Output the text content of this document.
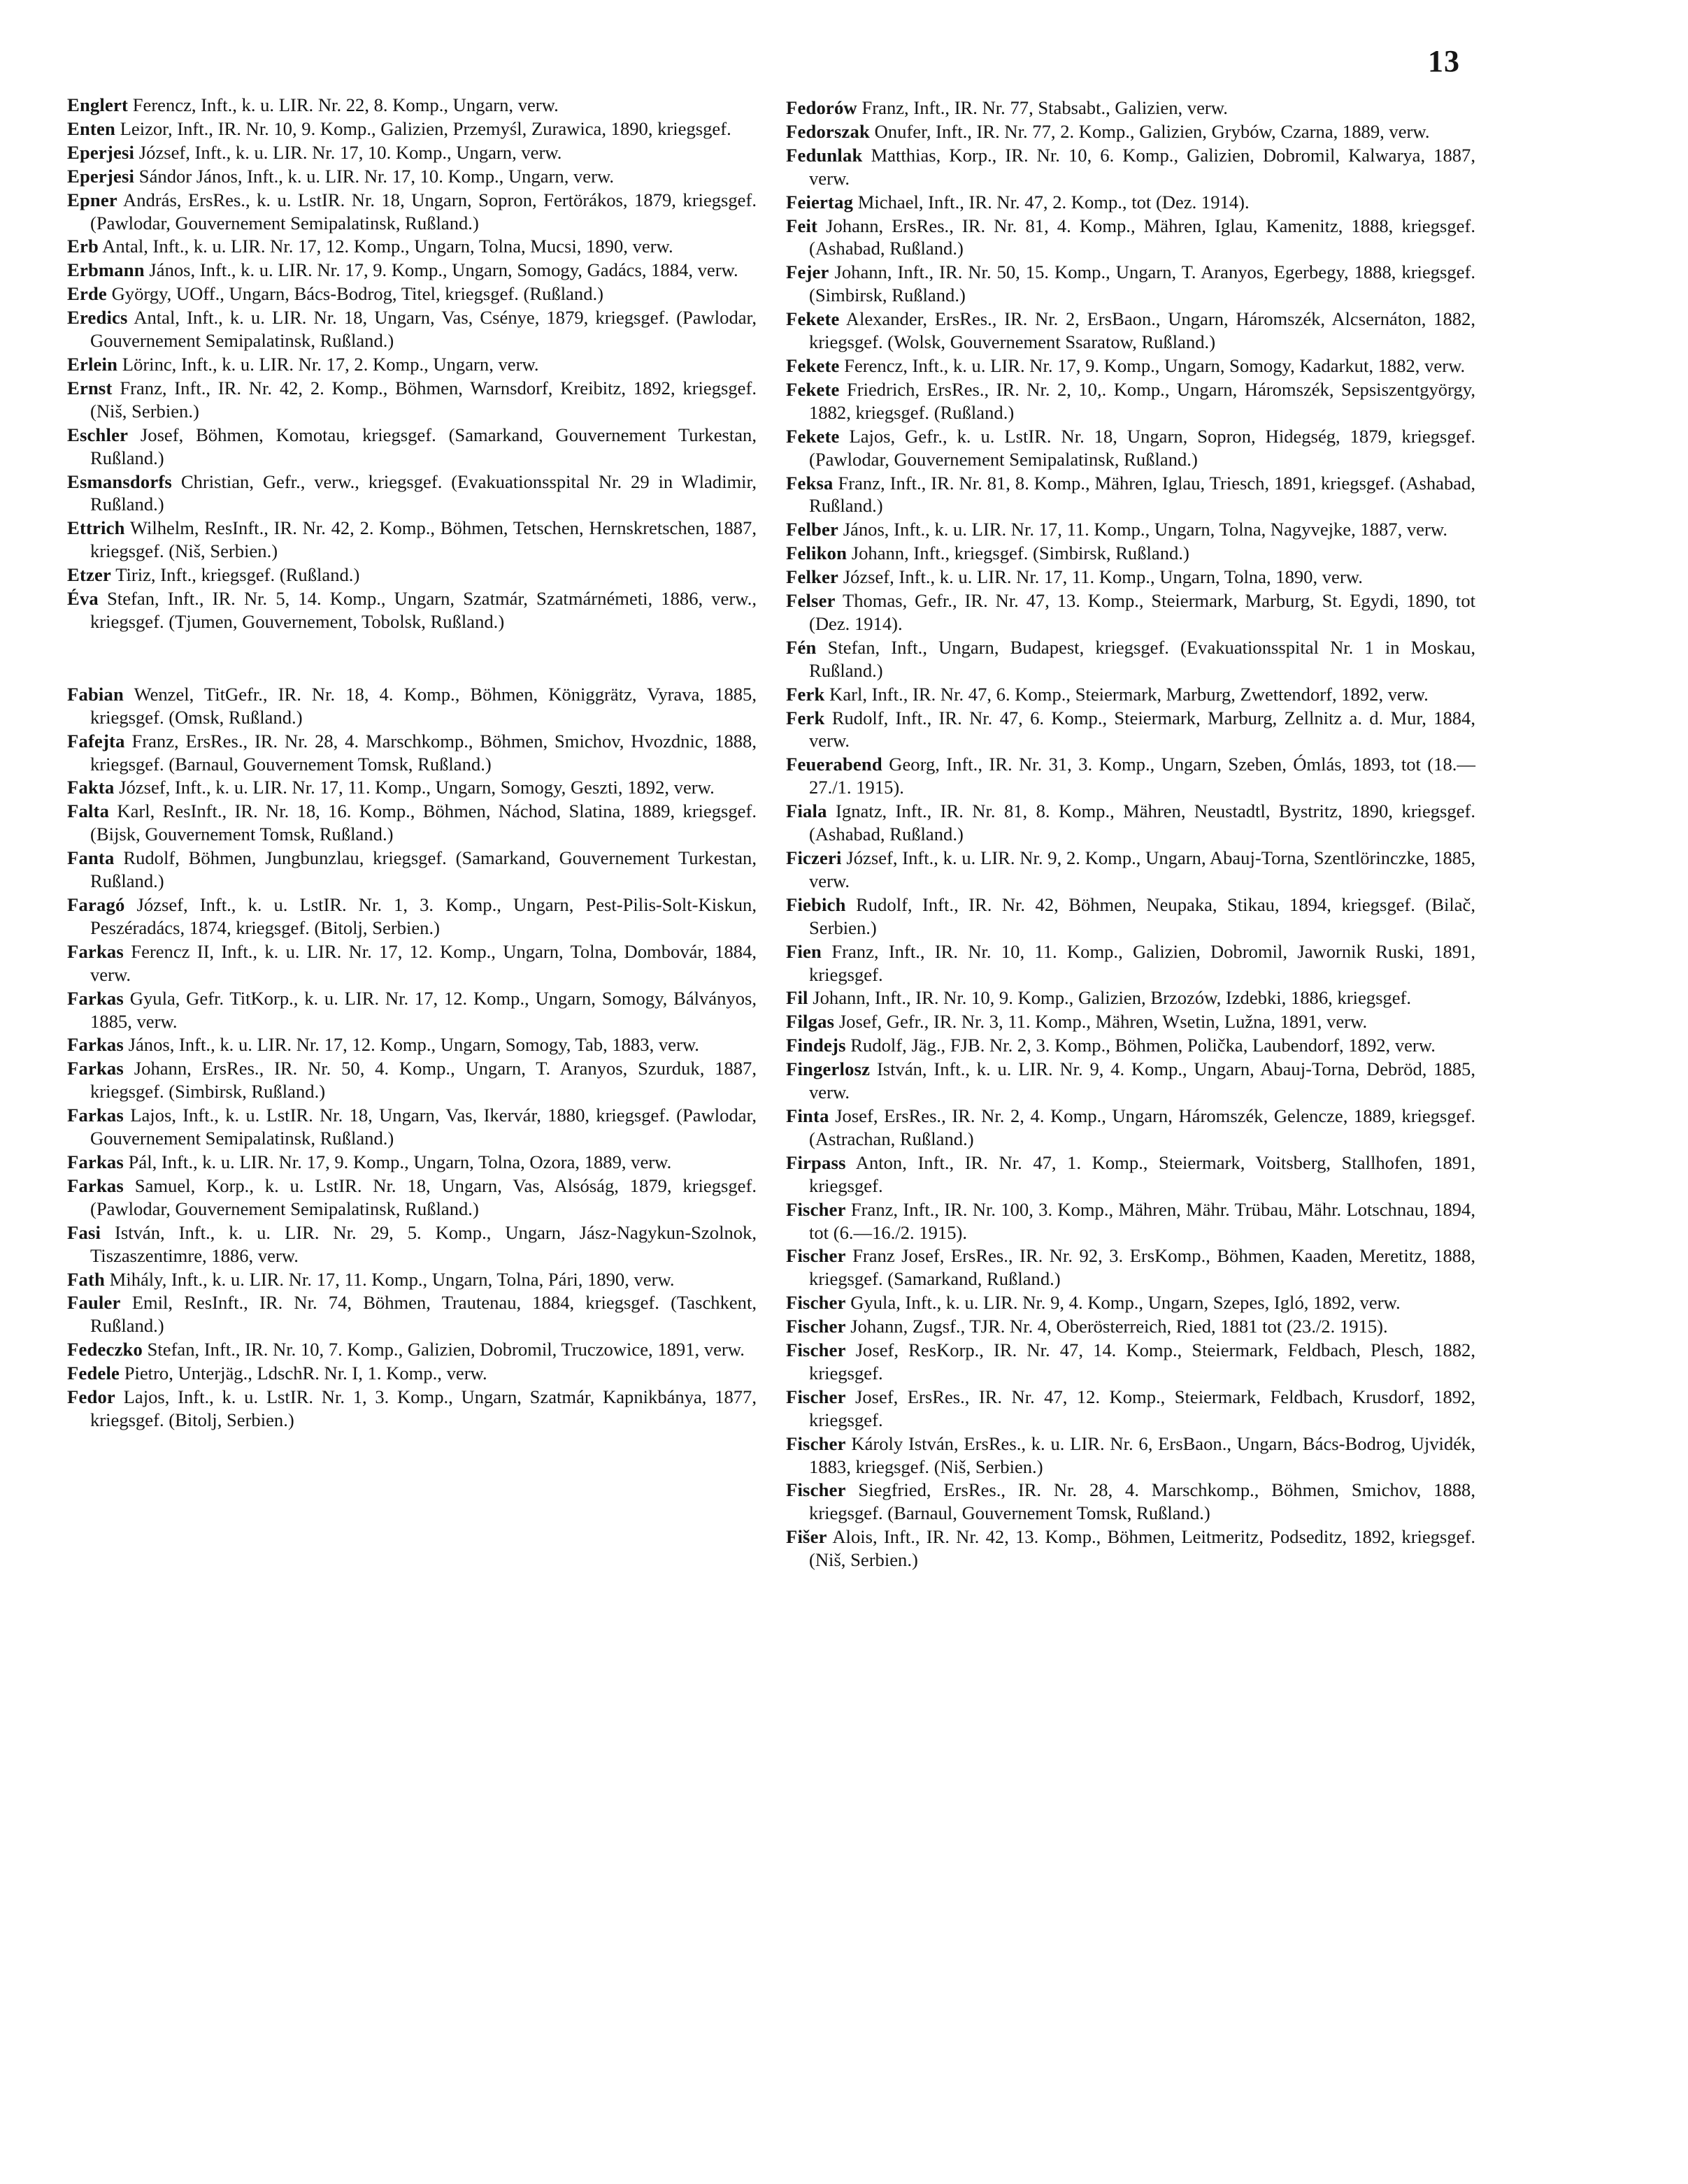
13

Englert Ferencz, Inft., k. u. LIR. Nr. 22, 8. Komp., Ungarn, verw.

Enten Leizor, Inft., IR. Nr. 10, 9. Komp., Galizien, Przemyśl, Zurawica, 1890, kriegsgef.

Eperjesi József, Inft., k. u. LIR. Nr. 17, 10. Komp., Ungarn, verw.

Eperjesi Sándor János, Inft., k. u. LIR. Nr. 17, 10. Komp., Ungarn, verw.

Epner András, ErsRes., k. u. LstIR. Nr. 18, Ungarn, Sopron, Fertörákos, 1879, kriegsgef. (Pawlodar, Gouvernement Semipalatinsk, Rußland.)

Erb Antal, Inft., k. u. LIR. Nr. 17, 12. Komp., Ungarn, Tolna, Mucsi, 1890, verw.

Erbmann János, Inft., k. u. LIR. Nr. 17, 9. Komp., Ungarn, Somogy, Gadács, 1884, verw.

Erde György, UOff., Ungarn, Bács-Bodrog, Titel, kriegsgef. (Rußland.)

Eredics Antal, Inft., k. u. LIR. Nr. 18, Ungarn, Vas, Csénye, 1879, kriegsgef. (Pawlodar, Gouvernement Semipalatinsk, Rußland.)

Erlein Lörinc, Inft., k. u. LIR. Nr. 17, 2. Komp., Ungarn, verw.

Ernst Franz, Inft., IR. Nr. 42, 2. Komp., Böhmen, Warnsdorf, Kreibitz, 1892, kriegsgef. (Niš, Serbien.)

Eschler Josef, Böhmen, Komotau, kriegsgef. (Samarkand, Gouvernement Turkestan, Rußland.)

Esmansdorfs Christian, Gefr., verw., kriegsgef. (Evakuationsspital Nr. 29 in Wladimir, Rußland.)

Ettrich Wilhelm, ResInft., IR. Nr. 42, 2. Komp., Böhmen, Tetschen, Hernskretschen, 1887, kriegsgef. (Niš, Serbien.)

Etzer Tiriz, Inft., kriegsgef. (Rußland.)

Éva Stefan, Inft., IR. Nr. 5, 14. Komp., Ungarn, Szatmár, Szatmárnémeti, 1886, verw., kriegsgef. (Tjumen, Gouvernement, Tobolsk, Rußland.)

Fabian Wenzel, TitGefr., IR. Nr. 18, 4. Komp., Böhmen, Königgrätz, Vyrava, 1885, kriegsgef. (Omsk, Rußland.)

Fafejta Franz, ErsRes., IR. Nr. 28, 4. Marschkomp., Böhmen, Smichov, Hvozdnic, 1888, kriegsgef. (Barnaul, Gouvernement Tomsk, Rußland.)

Fakta József, Inft., k. u. LIR. Nr. 17, 11. Komp., Ungarn, Somogy, Geszti, 1892, verw.

Falta Karl, ResInft., IR. Nr. 18, 16. Komp., Böhmen, Náchod, Slatina, 1889, kriegsgef. (Bijsk, Gouvernement Tomsk, Rußland.)

Fanta Rudolf, Böhmen, Jungbunzlau, kriegsgef. (Samarkand, Gouvernement Turkestan, Rußland.)

Faragó József, Inft., k. u. LstIR. Nr. 1, 3. Komp., Ungarn, Pest-Pilis-Solt-Kiskun, Peszéradács, 1874, kriegsgef. (Bitolj, Serbien.)

Farkas Ferencz II, Inft., k. u. LIR. Nr. 17, 12. Komp., Ungarn, Tolna, Dombovár, 1884, verw.

Farkas Gyula, Gefr. TitKorp., k. u. LIR. Nr. 17, 12. Komp., Ungarn, Somogy, Bálványos, 1885, verw.

Farkas János, Inft., k. u. LIR. Nr. 17, 12. Komp., Ungarn, Somogy, Tab, 1883, verw.

Farkas Johann, ErsRes., IR. Nr. 50, 4. Komp., Ungarn, T. Aranyos, Szurduk, 1887, kriegsgef. (Simbirsk, Rußland.)

Farkas Lajos, Inft., k. u. LstIR. Nr. 18, Ungarn, Vas, Ikervár, 1880, kriegsgef. (Pawlodar, Gouvernement Semipalatinsk, Rußland.)

Farkas Pál, Inft., k. u. LIR. Nr. 17, 9. Komp., Ungarn, Tolna, Ozora, 1889, verw.

Farkas Samuel, Korp., k. u. LstIR. Nr. 18, Ungarn, Vas, Alsóság, 1879, kriegsgef. (Pawlodar, Gouvernement Semipalatinsk, Rußland.)

Fasi István, Inft., k. u. LIR. Nr. 29, 5. Komp., Ungarn, Jász-Nagykun-Szolnok, Tiszaszentimre, 1886, verw.

Fath Mihály, Inft., k. u. LIR. Nr. 17, 11. Komp., Ungarn, Tolna, Pári, 1890, verw.

Fauler Emil, ResInft., IR. Nr. 74, Böhmen, Trautenau, 1884, kriegsgef. (Taschkent, Rußland.)

Fedeczko Stefan, Inft., IR. Nr. 10, 7. Komp., Galizien, Dobromil, Truczowice, 1891, verw.

Fedele Pietro, Unterjäg., LdschR. Nr. I, 1. Komp., verw.

Fedor Lajos, Inft., k. u. LstIR. Nr. 1, 3. Komp., Ungarn, Szatmár, Kapnikbánya, 1877, kriegsgef. (Bitolj, Serbien.)

Fedorów Franz, Inft., IR. Nr. 77, Stabsabt., Galizien, verw.

Fedorszak Onufer, Inft., IR. Nr. 77, 2. Komp., Galizien, Grybów, Czarna, 1889, verw.

Fedunlak Matthias, Korp., IR. Nr. 10, 6. Komp., Galizien, Dobromil, Kalwarya, 1887, verw.

Feiertag Michael, Inft., IR. Nr. 47, 2. Komp., tot (Dez. 1914).

Feit Johann, ErsRes., IR. Nr. 81, 4. Komp., Mähren, Iglau, Kamenitz, 1888, kriegsgef. (Ashabad, Rußland.)

Fejer Johann, Inft., IR. Nr. 50, 15. Komp., Ungarn, T. Aranyos, Egerbegy, 1888, kriegsgef. (Simbirsk, Rußland.)

Fekete Alexander, ErsRes., IR. Nr. 2, ErsBaon., Ungarn, Háromszék, Alcsernáton, 1882, kriegsgef. (Wolsk, Gouvernement Ssaratow, Rußland.)

Fekete Ferencz, Inft., k. u. LIR. Nr. 17, 9. Komp., Ungarn, Somogy, Kadarkut, 1882, verw.

Fekete Friedrich, ErsRes., IR. Nr. 2, 10,. Komp., Ungarn, Háromszék, Sepsiszentgyörgy, 1882, kriegsgef. (Rußland.)

Fekete Lajos, Gefr., k. u. LstIR. Nr. 18, Ungarn, Sopron, Hidegség, 1879, kriegsgef. (Pawlodar, Gouvernement Semipalatinsk, Rußland.)

Feksa Franz, Inft., IR. Nr. 81, 8. Komp., Mähren, Iglau, Triesch, 1891, kriegsgef. (Ashabad, Rußland.)

Felber János, Inft., k. u. LIR. Nr. 17, 11. Komp., Ungarn, Tolna, Nagyvejke, 1887, verw.

Felikon Johann, Inft., kriegsgef. (Simbirsk, Rußland.)

Felker József, Inft., k. u. LIR. Nr. 17, 11. Komp., Ungarn, Tolna, 1890, verw.

Felser Thomas, Gefr., IR. Nr. 47, 13. Komp., Steiermark, Marburg, St. Egydi, 1890, tot (Dez. 1914).

Fén Stefan, Inft., Ungarn, Budapest, kriegsgef. (Evakuationsspital Nr. 1 in Moskau, Rußland.)

Ferk Karl, Inft., IR. Nr. 47, 6. Komp., Steiermark, Marburg, Zwettendorf, 1892, verw.

Ferk Rudolf, Inft., IR. Nr. 47, 6. Komp., Steiermark, Marburg, Zellnitz a. d. Mur, 1884, verw.

Feuerabend Georg, Inft., IR. Nr. 31, 3. Komp., Ungarn, Szeben, Ómlás, 1893, tot (18.—27./1. 1915).

Fiala Ignatz, Inft., IR. Nr. 81, 8. Komp., Mähren, Neustadtl, Bystritz, 1890, kriegsgef. (Ashabad, Rußland.)

Ficzeri József, Inft., k. u. LIR. Nr. 9, 2. Komp., Ungarn, Abauj-Torna, Szentlörinczke, 1885, verw.

Fiebich Rudolf, Inft., IR. Nr. 42, Böhmen, Neupaka, Stikau, 1894, kriegsgef. (Bilač, Serbien.)

Fien Franz, Inft., IR. Nr. 10, 11. Komp., Galizien, Dobromil, Jawornik Ruski, 1891, kriegsgef.

Fil Johann, Inft., IR. Nr. 10, 9. Komp., Galizien, Brzozów, Izdebki, 1886, kriegsgef.

Filgas Josef, Gefr., IR. Nr. 3, 11. Komp., Mähren, Wsetin, Lužna, 1891, verw.

Findejs Rudolf, Jäg., FJB. Nr. 2, 3. Komp., Böhmen, Polička, Laubendorf, 1892, verw.

Fingerlosz István, Inft., k. u. LIR. Nr. 9, 4. Komp., Ungarn, Abauj-Torna, Debröd, 1885, verw.

Finta Josef, ErsRes., IR. Nr. 2, 4. Komp., Ungarn, Háromszék, Gelencze, 1889, kriegsgef. (Astrachan, Rußland.)

Firpass Anton, Inft., IR. Nr. 47, 1. Komp., Steiermark, Voitsberg, Stallhofen, 1891, kriegsgef.

Fischer Franz, Inft., IR. Nr. 100, 3. Komp., Mähren, Mähr. Trübau, Mähr. Lotschnau, 1894, tot (6.—16./2. 1915).

Fischer Franz Josef, ErsRes., IR. Nr. 92, 3. ErsKomp., Böhmen, Kaaden, Meretitz, 1888, kriegsgef. (Samarkand, Rußland.)

Fischer Gyula, Inft., k. u. LIR. Nr. 9, 4. Komp., Ungarn, Szepes, Igló, 1892, verw.

Fischer Johann, Zugsf., TJR. Nr. 4, Oberösterreich, Ried, 1881 tot (23./2. 1915).

Fischer Josef, ResKorp., IR. Nr. 47, 14. Komp., Steiermark, Feldbach, Plesch, 1882, kriegsgef.

Fischer Josef, ErsRes., IR. Nr. 47, 12. Komp., Steiermark, Feldbach, Krusdorf, 1892, kriegsgef.

Fischer Károly István, ErsRes., k. u. LIR. Nr. 6, ErsBaon., Ungarn, Bács-Bodrog, Ujvidék, 1883, kriegsgef. (Niš, Serbien.)

Fischer Siegfried, ErsRes., IR. Nr. 28, 4. Marschkomp., Böhmen, Smichov, 1888, kriegsgef. (Barnaul, Gouvernement Tomsk, Rußland.)

Fišer Alois, Inft., IR. Nr. 42, 13. Komp., Böhmen, Leitmeritz, Podseditz, 1892, kriegsgef. (Niš, Serbien.)
